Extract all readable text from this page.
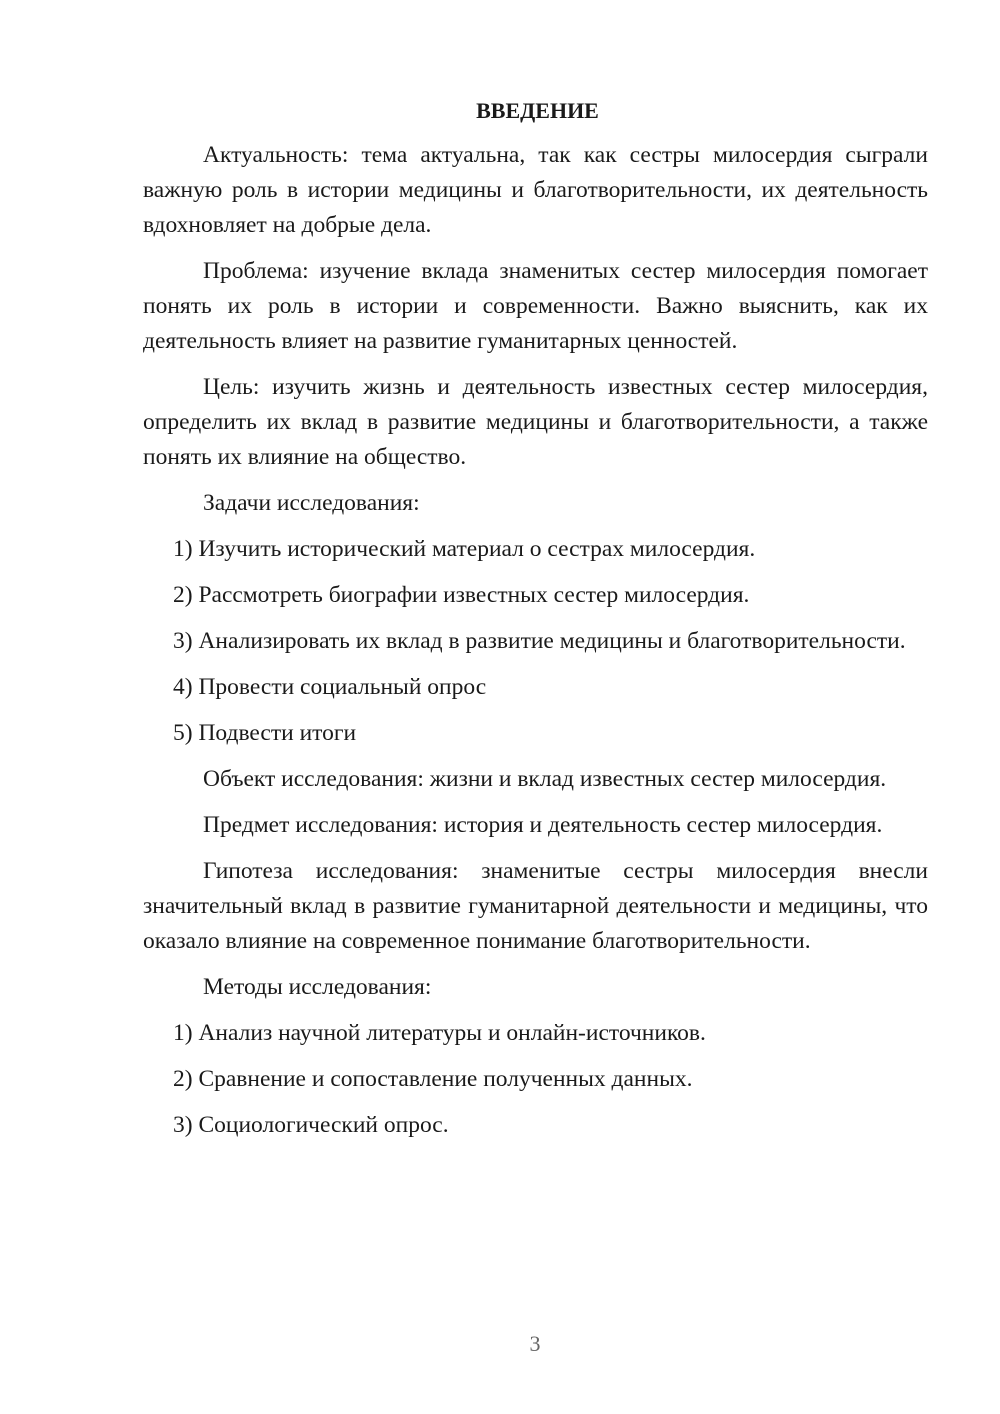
ВВЕДЕНИЕ

Актуальность: тема актуальна, так как сестры милосердия сыграли важную роль в истории медицины и благотворительности, их деятельность вдохновляет на добрые дела.

Проблема: изучение вклада знаменитых сестер милосердия помогает понять их роль в истории и современности. Важно выяснить, как их деятельность влияет на развитие гуманитарных ценностей.

Цель: изучить жизнь и деятельность известных сестер милосердия, определить их вклад в развитие медицины и благотворительности, а также понять их влияние на общество.

Задачи исследования:

1) Изучить исторический материал о сестрах милосердия.

2) Рассмотреть биографии известных сестер милосердия.

3) Анализировать их вклад в развитие медицины и благотворительности.

4) Провести социальный опрос

5) Подвести итоги

Объект исследования: жизни и вклад известных сестер милосердия.

Предмет исследования: история и деятельность сестер милосердия.

Гипотеза исследования: знаменитые сестры милосердия внесли значительный вклад в развитие гуманитарной деятельности и медицины, что оказало влияние на современное понимание благотворительности.

Методы исследования:

1) Анализ научной литературы и онлайн-источников.

2) Сравнение и сопоставление полученных данных.

3) Социологический опрос.

3
